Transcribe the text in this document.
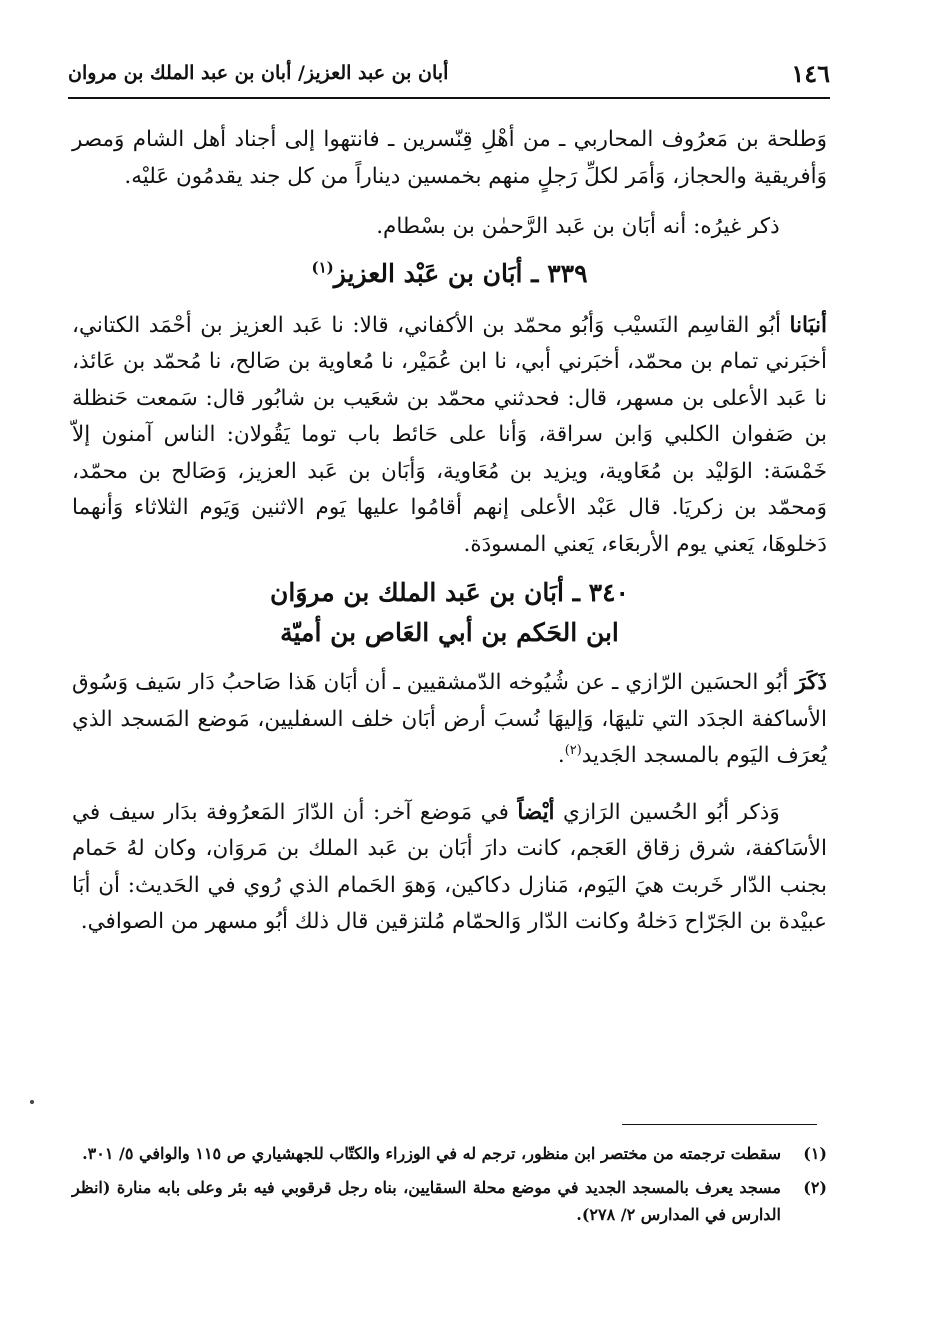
١٤٦
أبان بن عبد العزيز/ أبان بن عبد الملك بن مروان

وَطلحة بن مَعرُوف المحاربي ـ من أهْلِ قِنّسرين ـ فانتهوا إلى أجناد أهل الشام وَمصر وَأفريقية والحجاز، وَأمَر لكلِّ رَجلٍ منهم بخمسين ديناراً من كل جند يقدمُون عَليْه.

ذكر غيرُه: أنه أبَان بن عَبد الرَّحمٰن بن بسْطام.

٣٣٩ ـ أبَان بن عَبْد العزيز$^{(١)}$

أنبَانا أبُو القاسِم النَسيْب وَأبُو محمّد بن الأكفاني، قالا: نا عَبد العزيز بن أحْمَد الكتاني، أخبَرني تمام بن محمّد، أخبَرني أبي، نا ابن عُمَيْر، نا مُعاوية بن صَالح، نا مُحمّد بن عَائذ، نا عَبد الأعلى بن مسهر، قال: فحدثني محمّد بن شعَيب بن شابُور قال: سَمعت حَنظلة بن صَفوان الكلبي وَابن سراقة، وَأنا على حَائط باب توما يَقُولان: الناس آمنون إلاّ خَمْسَة: الوَليْد بن مُعَاوية، ويزيد بن مُعَاوية، وَأبَان بن عَبد العزيز، وَصَالح بن محمّد، وَمحمّد بن زكريَا. قال عَبْد الأعلى إنهم أقامُوا عليها يَوم الاثنين وَيَوم الثلاثاء وَأنهما دَخلوهَا، يَعني يوم الأربعَاء، يَعني المسودَة.

٣٤٠ ـ أبَان بن عَبد الملك بن مروَان
ابن الحَكم بن أبي العَاص بن أميّة

ذَكَرَ أبُو الحسَين الرّازي ـ عن شُيُوخه الدّمشقيين ـ أن أبَان هَذا صَاحبُ دَار سَيف وَسُوق الأساكفة الجدَد التي تليهَا، وَإليهَا نُسبَ أرض أبَان خلف السفليين، مَوضع المَسجد الذي يُعرَف اليَوم بالمسجد الجَديد$^{(٢)}$.

وَذكر أبُو الحُسين الرَازي أيْضاً في مَوضع آخر: أن الدّارَ المَعرُوفة بدَار سيف في الأسَاكفة، شرق زقاق العَجم، كانت دارَ أبَان بن عَبد الملك بن مَروَان، وكان لهُ حَمام بجنب الدّار خَربت هيَ اليَوم، مَنازل دكاكين، وَهوَ الحَمام الذي رُوي في الحَديث: أن أبَا عبيْدة بن الجَرّاح دَخلهُ وكانت الدّار وَالحمّام مُلتزقين قال ذلك أبُو مسهر من الصوافي.

(١)
سقطت ترجمته من مختصر ابن منظور، ترجم له في الوزراء والكتّاب للجهشياري ص ١١٥ والوافي ٥/ ٣٠١.
(٢)
مسجد يعرف بالمسجد الجديد في موضع محلة السقايين، بناه رجل قرقوبي فيه بئر وعلى بابه منارة (انظر الدارس في المدارس ٢/ ٢٧٨).
